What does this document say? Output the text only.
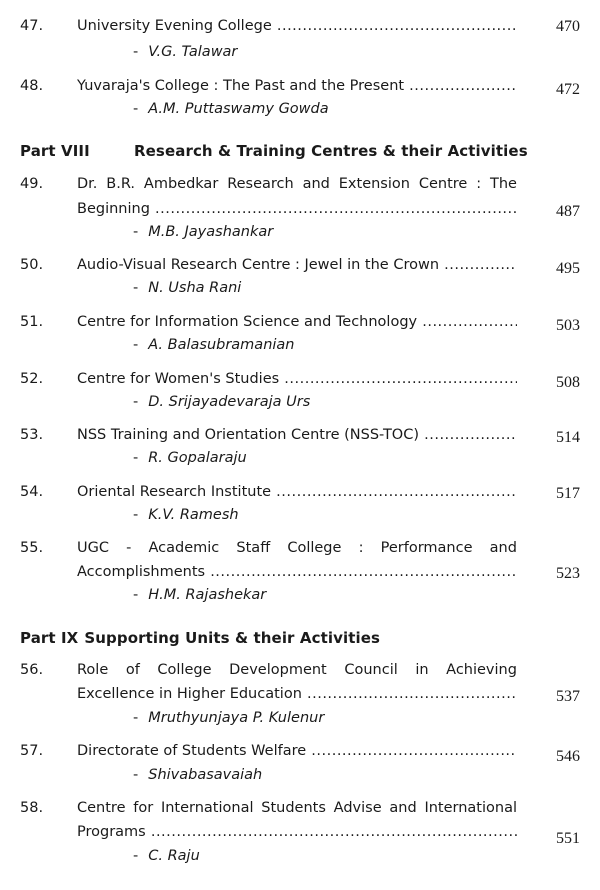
47. University Evening College .....
- V.G. Talawar
470
48. Yuvaraja's College : The Past and the Present .....
- A.M. Puttaswamy Gowda
472
Part VIII	Research & Training Centres & their Activities
49. Dr. B.R. Ambedkar Research and Extension Centre : The
Beginning .....
- M.B. Jayashankar
487
50. Audio-Visual Research Centre : Jewel in the Crown .....
- N. Usha Rani
495
51. Centre for Information Science and Technology .....
- A. Balasubramanian
503
52. Centre for Women's Studies .....
- D. Srijayadevaraja Urs
508
53. NSS Training and Orientation Centre (NSS-TOC) .....
- R. Gopalaraju
514
54. Oriental Research Institute .....
- K.V. Ramesh
517
55. UGC - Academic Staff College : Performance and
Accomplishments .....
- H.M. Rajashekar
523
Part IX Supporting Units & their Activities
56. Role of College Development Council in Achieving
Excellence in Higher Education .....
- Mruthyunjaya P. Kulenur
537
57. Directorate of Students Welfare .....
- Shivabasavaiah
546
58. Centre for International Students Advise and International
Programs .....
- C. Raju
551
